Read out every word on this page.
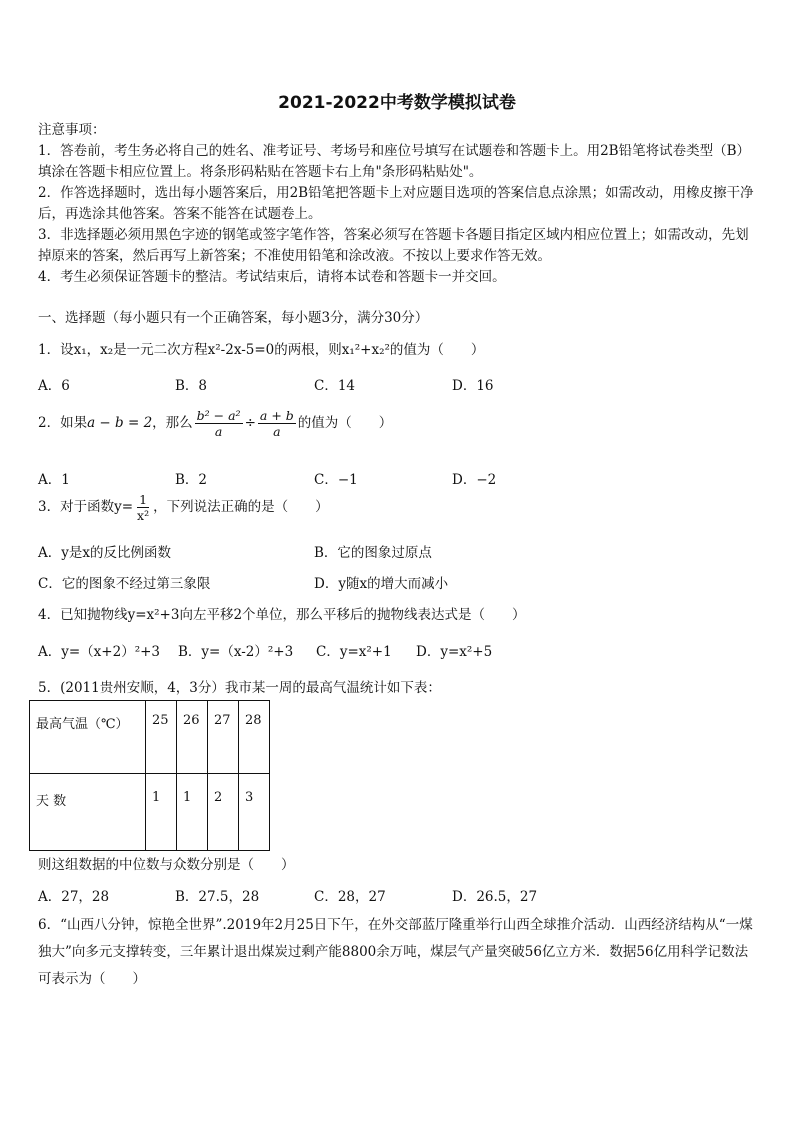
2021-2022中考数学模拟试卷
注意事项：
1．答卷前，考生务必将自己的姓名、准考证号、考场号和座位号填写在试题卷和答题卡上。用2B铅笔将试卷类型（B）填涂在答题卡相应位置上。将条形码粘贴在答题卡右上角"条形码粘贴处"。
2．作答选择题时，选出每小题答案后，用2B铅笔把答题卡上对应题目选项的答案信息点涂黑；如需改动，用橡皮擦干净后，再选涂其他答案。答案不能答在试题卷上。
3．非选择题必须用黑色字迹的钢笔或签字笔作答，答案必须写在答题卡各题目指定区域内相应位置上；如需改动，先划掉原来的答案，然后再写上新答案；不准使用铅笔和涂改液。不按以上要求作答无效。
4．考生必须保证答题卡的整洁。考试结束后，请将本试卷和答题卡一并交回。
一、选择题（每小题只有一个正确答案，每小题3分，满分30分）
1．设x₁，x₂是一元二次方程x²-2x-5=0的两根，则x₁²+x₂²的值为（　　）
A．6	B．8	C．14	D．16
2．如果a − b = 2，那么 $\frac{\text{b² − a²}}{a} \div \frac{a + b}{a}$ 的值为（　　）
A．1	B．2	C．−1	D．−2
3．对于函数$y= \frac{1}{\text{x²}}$ ，下列说法正确的是（　　）
A．y是x的反比例函数	B．它的图象过原点
C．它的图象不经过第三象限	D．y随x的增大而减小
4．已知抛物线y=x²+3向左平移2个单位，那么平移后的抛物线表达式是（　　）
A．y=（x+2）²+3 B．y=（x-2）²+3 C．y=x²+1 D．y=x²+5
5．(2011贵州安顺，4，3分）我市某一周的最高气温统计如下表：
最高气温（℃）	25	26	27	28
天 数	1	1	2	3
则这组数据的中位数与众数分别是（　　）
A．27，28	B．27.5，28	C．28，27	D．26.5，27
6．“山西八分钟，惊艳全世界”.2019年2月25日下午，在外交部蓝厅隆重举行山西全球推介活动．山西经济结构从“一煤独大”向多元支撑转变，三年累计退出煤炭过剩产能8800余万吨，煤层气产量突破56亿立方米．数据56亿用科学记数法可表示为（　　）
